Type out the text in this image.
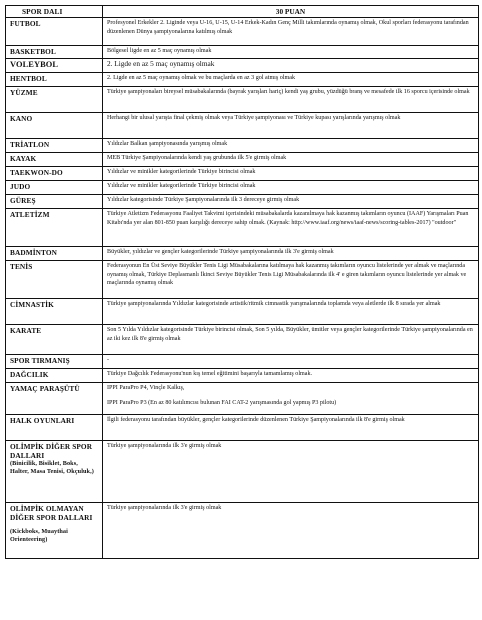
SPOR DALI	30 PUAN
FUTBOL	Profesyonel Erkekler 2. Liginde veya U-16, U-15, U-14 Erkek-Kadın Genç Milli takımlarında oynamış olmak, Okul sporları federasyonu tarafından düzenlenen Dünya şampiyonalarına katılmış olmak
BASKETBOL	Bölgesel ligde en az 5 maç oynamış olmak
VOLEYBOL	2. Ligde en az 5 maç oynamış olmak
HENTBOL	2. Ligde en az 5 maç oynamış olmak ve bu maçlarda en az 3 gol atmış olmak
YÜZME	Türkiye şampiyonaları bireysel müsabakalarında (bayrak yarışları hariç) kendi yaş grubu, yüzdüğü branş ve mesafede ilk 16 sporcu içerisinde olmak
KANO	Herhangi bir ulusal yarışta final çekmiş olmak veya Türkiye şampiyonası ve Türkiye kupası yarışlarında yarışmış olmak
TRİATLON	Yıldızlar Balkan şampiyonasında yarışmış olmak
KAYAK	MEB Türkiye Şampiyonalarında kendi yaş grubunda ilk 5'e girmiş olmak
TAEKWON-DO	Yıldızlar ve minikler kategorilerinde Türkiye birincisi olmak
JUDO	Yıldızlar ve minikler kategorilerinde Türkiye birincisi olmak
GÜREŞ	Yıldızlar kategorisinde Türkiye Şampiyonalarında ilk 3 dereceye girmiş olmak
ATLETİZM	Türkiye Atletizm Federasyonu Faaliyet Takvimi içerisindeki müsabakalarda kazanılmaya hak kazanmış takımların oyuncu (IAAF) Yarışmaları Puan Kitabı'nda yer alan 801-850 puan karşılığı dereceye sahip olmak. (Kaynak: http://www.iaaf.org/news/iaaf-news/scoring-tables-2017) "outdoor"
BADMİNTON	Büyükler, yıldızlar ve gençler kategorilerinde Türkiye şampiyonalarında ilk 3'e girmiş olmak
TENİS	Federasyonun En Üst Seviye Büyükler Tenis Ligi Müsabakalarına katılmaya hak kazanmış takımların oyuncu listelerinde yer almak ve maçlarında oynamış olmak, Türkiye Deplasmanlı İkinci Seviye Büyükler Tenis Ligi Müsabakalarında ilk 4' e giren takımların oyuncu listelerinde yer almak ve maçlarında oynamış olmak
CİMNASTİK	Türkiye şampiyonalarında Yıldızlar kategorisinde artistik/ritmik cimnastik yarışmalarında toplamda veya aletlerde ilk 8 sırada yer almak
KARATE	Son 5 Yılda Yıldızlar kategorisinde Türkiye birincisi olmak, Son 5 yılda, Büyükler, ümitler veya gençler kategorilerinde Türkiye şampiyonalarında en az iki kez ilk 8'e girmiş olmak
SPOR TIRMANIŞ	-
DAĞCILIK	Türkiye Dağcılık Federasyonu'nun kış temel eğitimini başarıyla tamamlamış olmak.
YAMAÇ PARAŞÜTÜ	IPPI ParaPro P4, Vinçle Kalkış,
IPPI ParaPro P3 (En az 80 katılımcısı bulunan FAI CAT-2 yarışmasında gol yapmış P3 pilotu)

HALK OYUNLARI	İlgili federasyonu tarafından büyükler, gençler kategorilerinde düzenlenen Türkiye Şampiyonalarında ilk 8'e girmiş olmak

OLİMPİK DİĞER SPOR DALLARI
(Binicilik, Bisiklet, Boks, Halter, Masa Tenisi, Okçuluk,)	Türkiye şampiyonalarında ilk 3'e girmiş olmak

OLİMPİK OLMAYAN DİĞER SPOR DALLARI
(Kickboks, Muaythai Orienteering)	Türkiye şampiyonalarında ilk 3'e girmiş olmak
